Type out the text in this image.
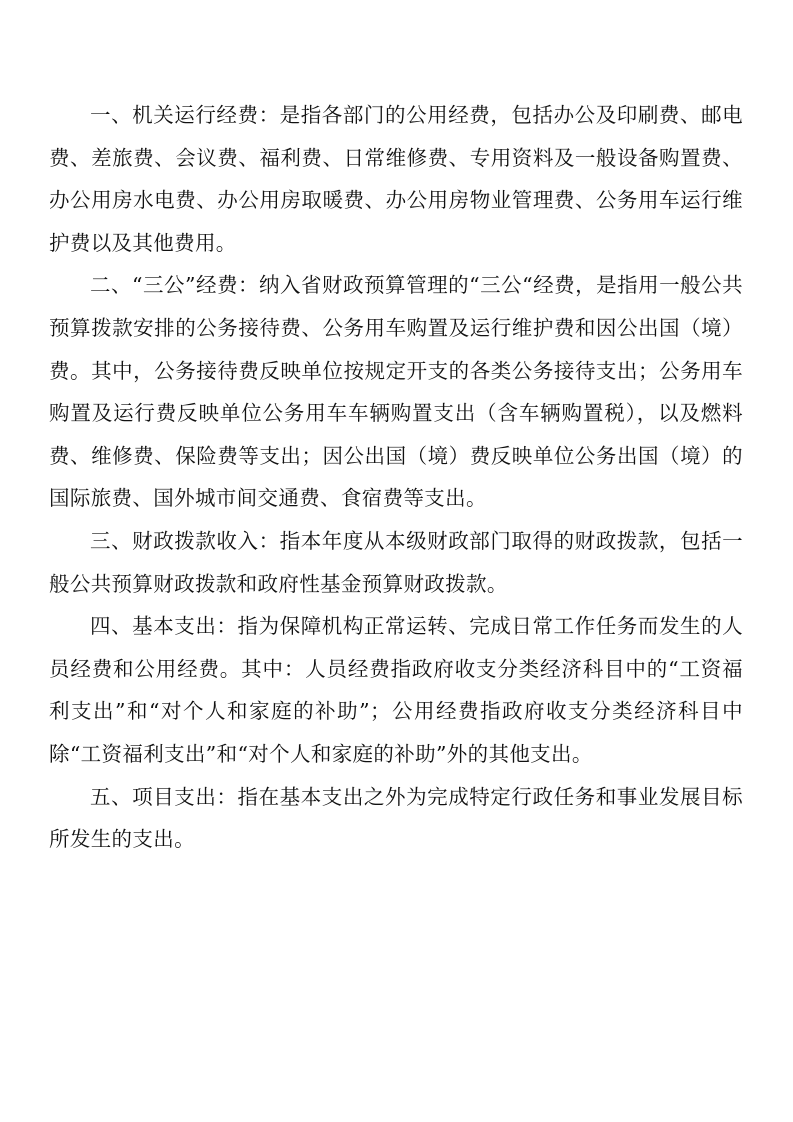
一、机关运行经费：是指各部门的公用经费，包括办公及印刷费、邮电费、差旅费、会议费、福利费、日常维修费、专用资料及一般设备购置费、办公用房水电费、办公用房取暖费、办公用房物业管理费、公务用车运行维护费以及其他费用。

二、“三公”经费：纳入省财政预算管理的“三公“经费，是指用一般公共预算拨款安排的公务接待费、公务用车购置及运行维护费和因公出国（境）费。其中，公务接待费反映单位按规定开支的各类公务接待支出；公务用车购置及运行费反映单位公务用车车辆购置支出（含车辆购置税），以及燃料费、维修费、保险费等支出；因公出国（境）费反映单位公务出国（境）的国际旅费、国外城市间交通费、食宿费等支出。

三、财政拨款收入：指本年度从本级财政部门取得的财政拨款，包括一般公共预算财政拨款和政府性基金预算财政拨款。

四、基本支出：指为保障机构正常运转、完成日常工作任务而发生的人员经费和公用经费。其中：人员经费指政府收支分类经济科目中的“工资福利支出”和“对个人和家庭的补助”；公用经费指政府收支分类经济科目中除“工资福利支出”和“对个人和家庭的补助”外的其他支出。

五、项目支出：指在基本支出之外为完成特定行政任务和事业发展目标所发生的支出。
